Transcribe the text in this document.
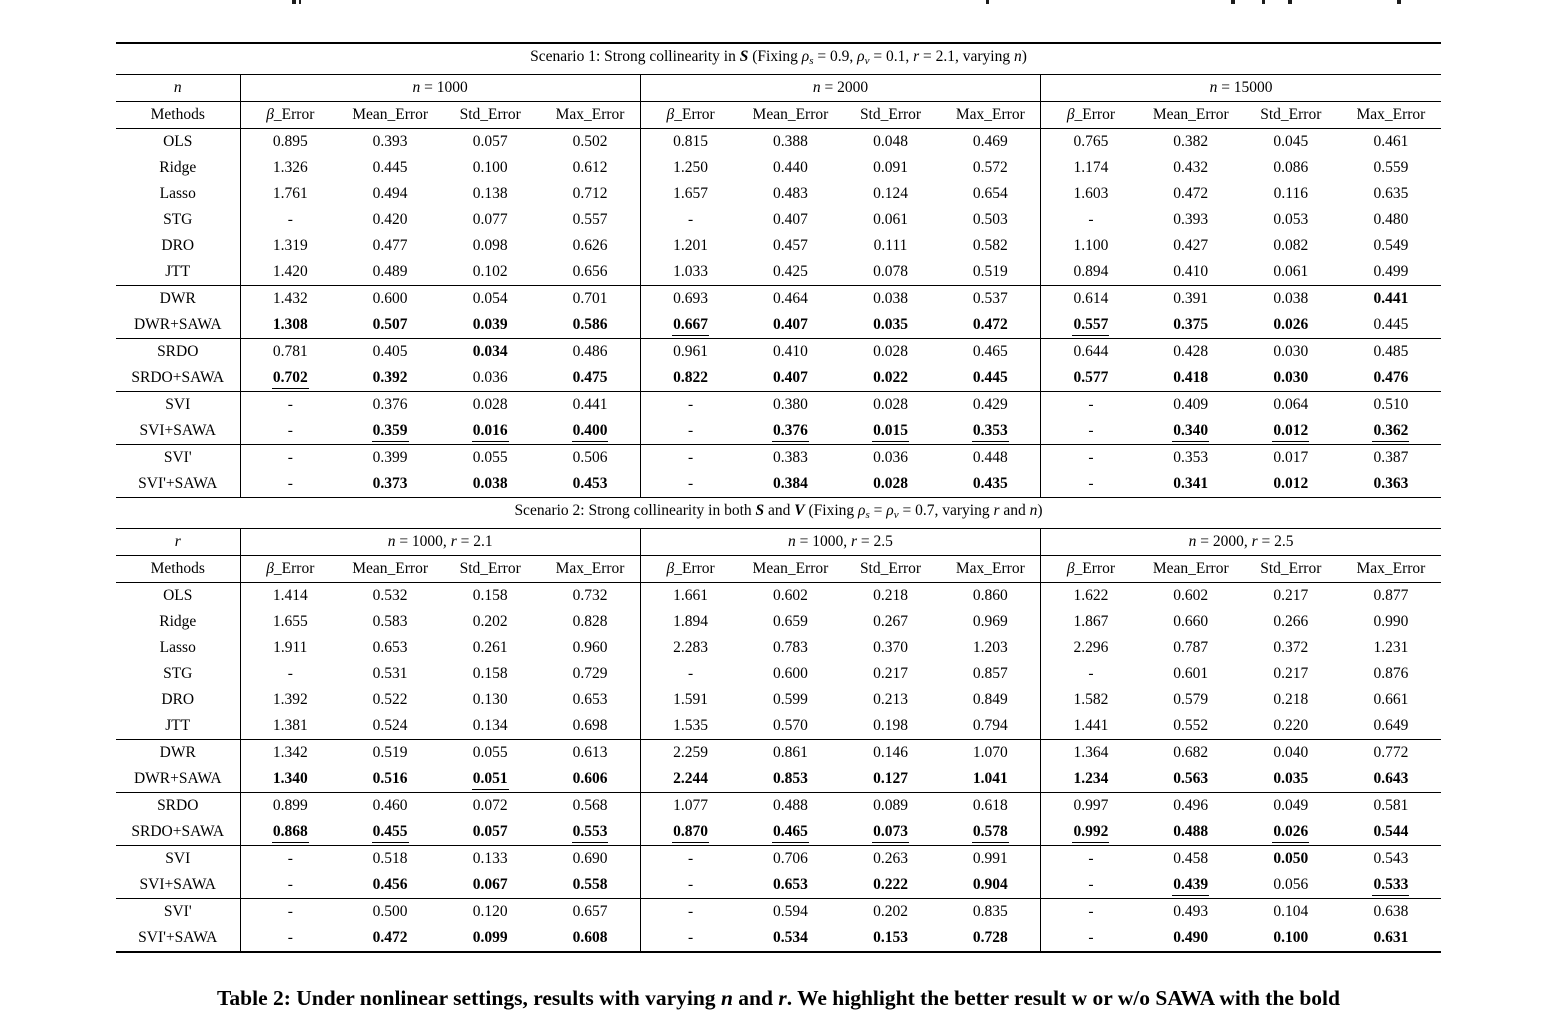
Scenario 1: Strong collinearity in S (Fixing ρs = 0.9, ρv = 0.1, r = 2.1, varying n)												
n	n = 1000				n = 2000				n = 15000			
Methods	β_Error	Mean_Error	Std_Error	Max_Error	β_Error	Mean_Error	Std_Error	Max_Error	β_Error	Mean_Error	Std_Error	Max_Error
OLS	0.895	0.393	0.057	0.502	0.815	0.388	0.048	0.469	0.765	0.382	0.045	0.461
Ridge	1.326	0.445	0.100	0.612	1.250	0.440	0.091	0.572	1.174	0.432	0.086	0.559
Lasso	1.761	0.494	0.138	0.712	1.657	0.483	0.124	0.654	1.603	0.472	0.116	0.635
STG	-	0.420	0.077	0.557	-	0.407	0.061	0.503	-	0.393	0.053	0.480
DRO	1.319	0.477	0.098	0.626	1.201	0.457	0.111	0.582	1.100	0.427	0.082	0.549
JTT	1.420	0.489	0.102	0.656	1.033	0.425	0.078	0.519	0.894	0.410	0.061	0.499
DWR	1.432	0.600	0.054	0.701	0.693	0.464	0.038	0.537	0.614	0.391	0.038	0.441
DWR+SAWA	1.308	0.507	0.039	0.586	0.667	0.407	0.035	0.472	0.557	0.375	0.026	0.445
SRDO	0.781	0.405	0.034	0.486	0.961	0.410	0.028	0.465	0.644	0.428	0.030	0.485
SRDO+SAWA	0.702	0.392	0.036	0.475	0.822	0.407	0.022	0.445	0.577	0.418	0.030	0.476
SVI	-	0.376	0.028	0.441	-	0.380	0.028	0.429	-	0.409	0.064	0.510
SVI+SAWA	-	0.359	0.016	0.400	-	0.376	0.015	0.353	-	0.340	0.012	0.362
SVI'	-	0.399	0.055	0.506	-	0.383	0.036	0.448	-	0.353	0.017	0.387
SVI'+SAWA	-	0.373	0.038	0.453	-	0.384	0.028	0.435	-	0.341	0.012	0.363
Scenario 2: Strong collinearity in both S and V (Fixing ρs = ρv = 0.7, varying r and n)												
r	n = 1000, r = 2.1				n = 1000, r = 2.5				n = 2000, r = 2.5			
Methods	β_Error	Mean_Error	Std_Error	Max_Error	β_Error	Mean_Error	Std_Error	Max_Error	β_Error	Mean_Error	Std_Error	Max_Error
OLS	1.414	0.532	0.158	0.732	1.661	0.602	0.218	0.860	1.622	0.602	0.217	0.877
Ridge	1.655	0.583	0.202	0.828	1.894	0.659	0.267	0.969	1.867	0.660	0.266	0.990
Lasso	1.911	0.653	0.261	0.960	2.283	0.783	0.370	1.203	2.296	0.787	0.372	1.231
STG	-	0.531	0.158	0.729	-	0.600	0.217	0.857	-	0.601	0.217	0.876
DRO	1.392	0.522	0.130	0.653	1.591	0.599	0.213	0.849	1.582	0.579	0.218	0.661
JTT	1.381	0.524	0.134	0.698	1.535	0.570	0.198	0.794	1.441	0.552	0.220	0.649
DWR	1.342	0.519	0.055	0.613	2.259	0.861	0.146	1.070	1.364	0.682	0.040	0.772
DWR+SAWA	1.340	0.516	0.051	0.606	2.244	0.853	0.127	1.041	1.234	0.563	0.035	0.643
SRDO	0.899	0.460	0.072	0.568	1.077	0.488	0.089	0.618	0.997	0.496	0.049	0.581
SRDO+SAWA	0.868	0.455	0.057	0.553	0.870	0.465	0.073	0.578	0.992	0.488	0.026	0.544
SVI	-	0.518	0.133	0.690	-	0.706	0.263	0.991	-	0.458	0.050	0.543
SVI+SAWA	-	0.456	0.067	0.558	-	0.653	0.222	0.904	-	0.439	0.056	0.533
SVI'	-	0.500	0.120	0.657	-	0.594	0.202	0.835	-	0.493	0.104	0.638
SVI'+SAWA	-	0.472	0.099	0.608	-	0.534	0.153	0.728	-	0.490	0.100	0.631
Table 2: Under nonlinear settings, results with varying n and r. We highlight the better result w or w/o SAWA with the bold
